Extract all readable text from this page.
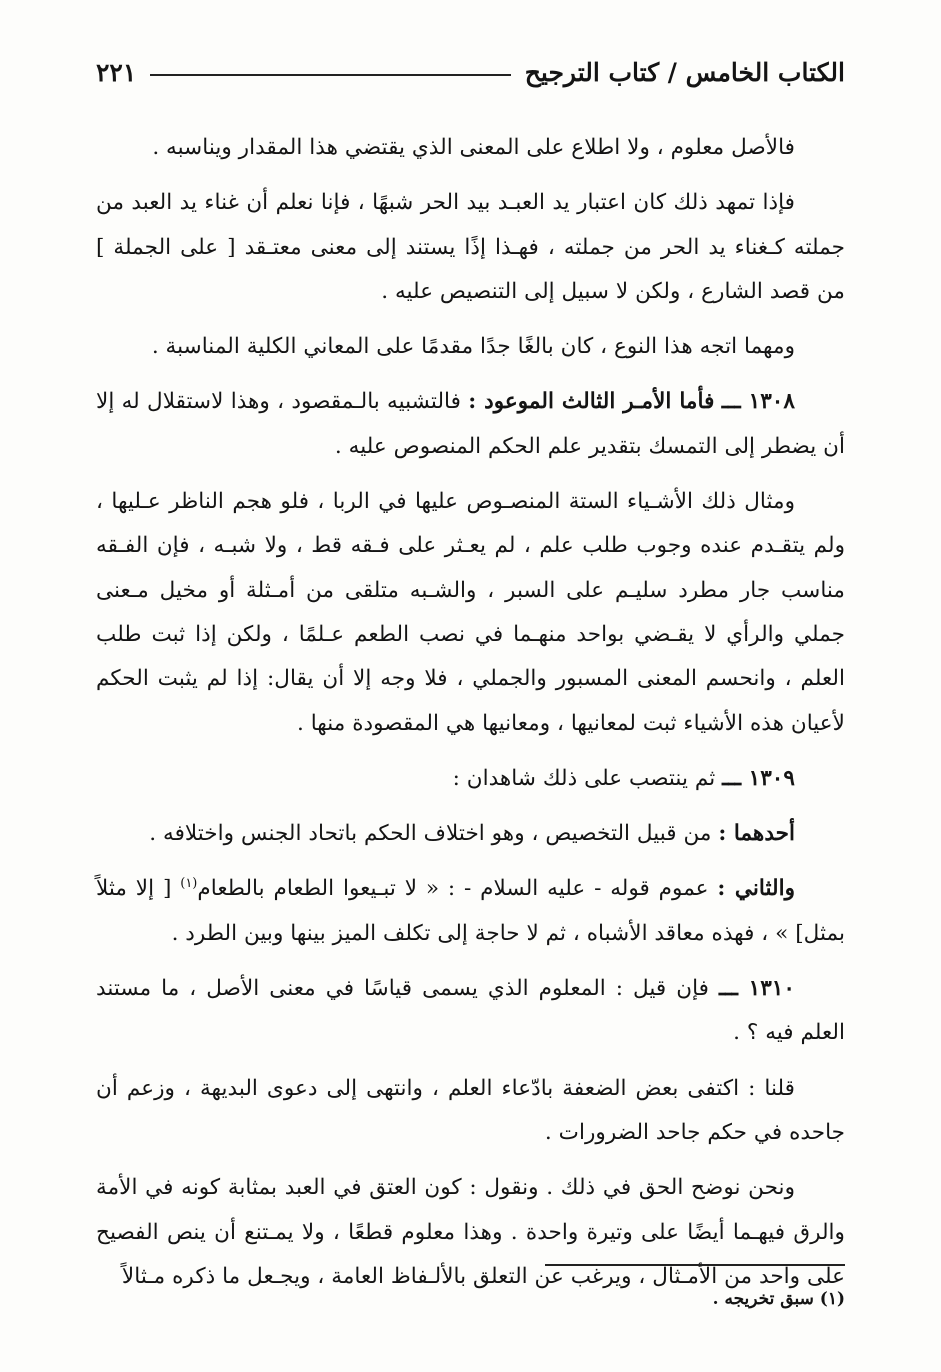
الكتاب الخامس / كتاب الترجيح
٢٢١

فالأصل معلوم ، ولا اطلاع على المعنى الذي يقتضي هذا المقدار ويناسبه .

فإذا تمهد ذلك كان اعتبار يد العبـد بيد الحر شبهًا ، فإنا نعلم أن غناء يد العبد من جملته كـغناء يد الحر من جملته ، فهـذا إذًا يستند إلى معنى معتـقد [ على الجملة ] من قصد الشارع ، ولكن لا سبيل إلى التنصيص عليه .

ومهما اتجه هذا النوع ، كان بالغًا جدًا مقدمًا على المعاني الكلية المناسبة .

١٣٠٨ ـــ فأما الأمـر الثالث الموعود : فالتشبيه بالـمقصود ، وهذا لاستقلال له إلا أن يضطر إلى التمسك بتقدير علم الحكم المنصوص عليه .

ومثال ذلك الأشـياء الستة المنصـوص عليها في الربا ، فلو هجم الناظر عـليها ، ولم يتقـدم عنده وجوب طلب علم ، لم يعـثر على فـقه قط ، ولا شبـه ، فإن الفـقه مناسب جار مطرد سليـم على السبر ، والشـبه متلقى من أمـثلة أو مخيل مـعنى جملي والرأي لا يقـضي بواحد منهـما في نصب الطعم عـلمًا ، ولكن إذا ثبت طلب العلم ، وانحسم المعنى المسبور والجملي ، فلا وجه إلا أن يقال: إذا لم يثبت الحكم لأعيان هذه الأشياء ثبت لمعانيها ، ومعانيها هي المقصودة منها .

١٣٠٩ ـــ ثم ينتصب على ذلك شاهدان :

أحدهما : من قبيل التخصيص ، وهو اختلاف الحكم باتحاد الجنس واختلافه .

والثاني : عموم قوله - عليه السلام - : « لا تبـيعوا الطعام بالطعام$^{(١)}$ [ إلا مثلاً بمثل] » ، فهذه معاقد الأشباه ، ثم لا حاجة إلى تكلف الميز بينها وبين الطرد .

١٣١٠ ـــ فإن قيل : المعلوم الذي يسمى قياسًا في معنى الأصل ، ما مستند العلم فيه ؟ .

قلنا : اكتفى بعض الضعفة بادّعاء العلم ، وانتهى إلى دعوى البديهة ، وزعم أن جاحده في حكم جاحد الضرورات .

ونحن نوضح الحق في ذلك . ونقول : كون العتق في العبد بمثابة كونه في الأمة والرق فيهـما أيضًا على وتيرة واحدة . وهذا معلوم قطعًا ، ولا يمـتنع أن ينص الفصيح على واحد من الأمـثال ، ويرغب عن التعلق بالألـفاظ العامة ، ويجـعل ما ذكره مـثالاً

(١) سبق تخريجه .
